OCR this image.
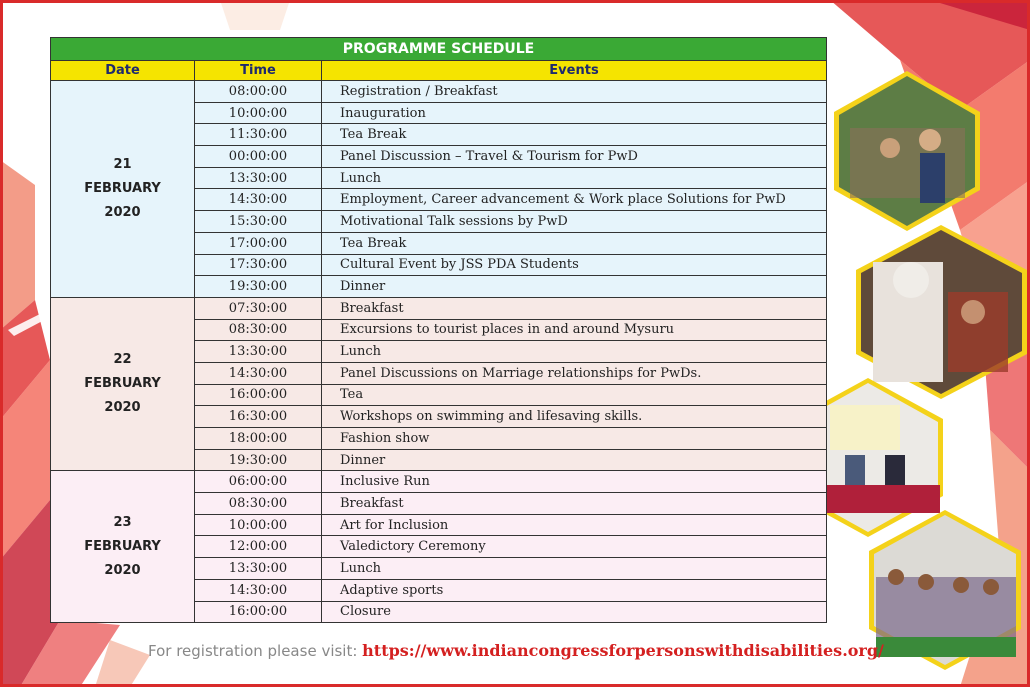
PROGRAMME SCHEDULE		
Date	Time	Events

21
FEBRUARY
2020	08:00:00	Registration / Breakfast
	10:00:00	Inauguration
	11:30:00	Tea Break
	00:00:00	Panel Discussion – Travel & Tourism for PwD
	13:30:00	Lunch
	14:30:00	Employment, Career advancement & Work place Solutions for PwD
	15:30:00	Motivational Talk sessions by PwD
	17:00:00	Tea Break
	17:30:00	Cultural Event by JSS PDA Students
	19:30:00	Dinner

22
FEBRUARY
2020	07:30:00	Breakfast
	08:30:00	Excursions to tourist places in and around Mysuru
	13:30:00	Lunch
	14:30:00	Panel Discussions on Marriage relationships for PwDs.
	16:00:00	Tea
	16:30:00	Workshops on swimming and lifesaving skills.
	18:00:00	Fashion show
	19:30:00	Dinner

23
FEBRUARY
2020	06:00:00	Inclusive Run
	08:30:00	Breakfast
	10:00:00	Art for Inclusion
	12:00:00	Valedictory Ceremony
	13:30:00	Lunch
	14:30:00	Adaptive sports
	16:00:00	Closure
For registration please visit: https://www.indiancongressforpersonswithdisabilities.org/
